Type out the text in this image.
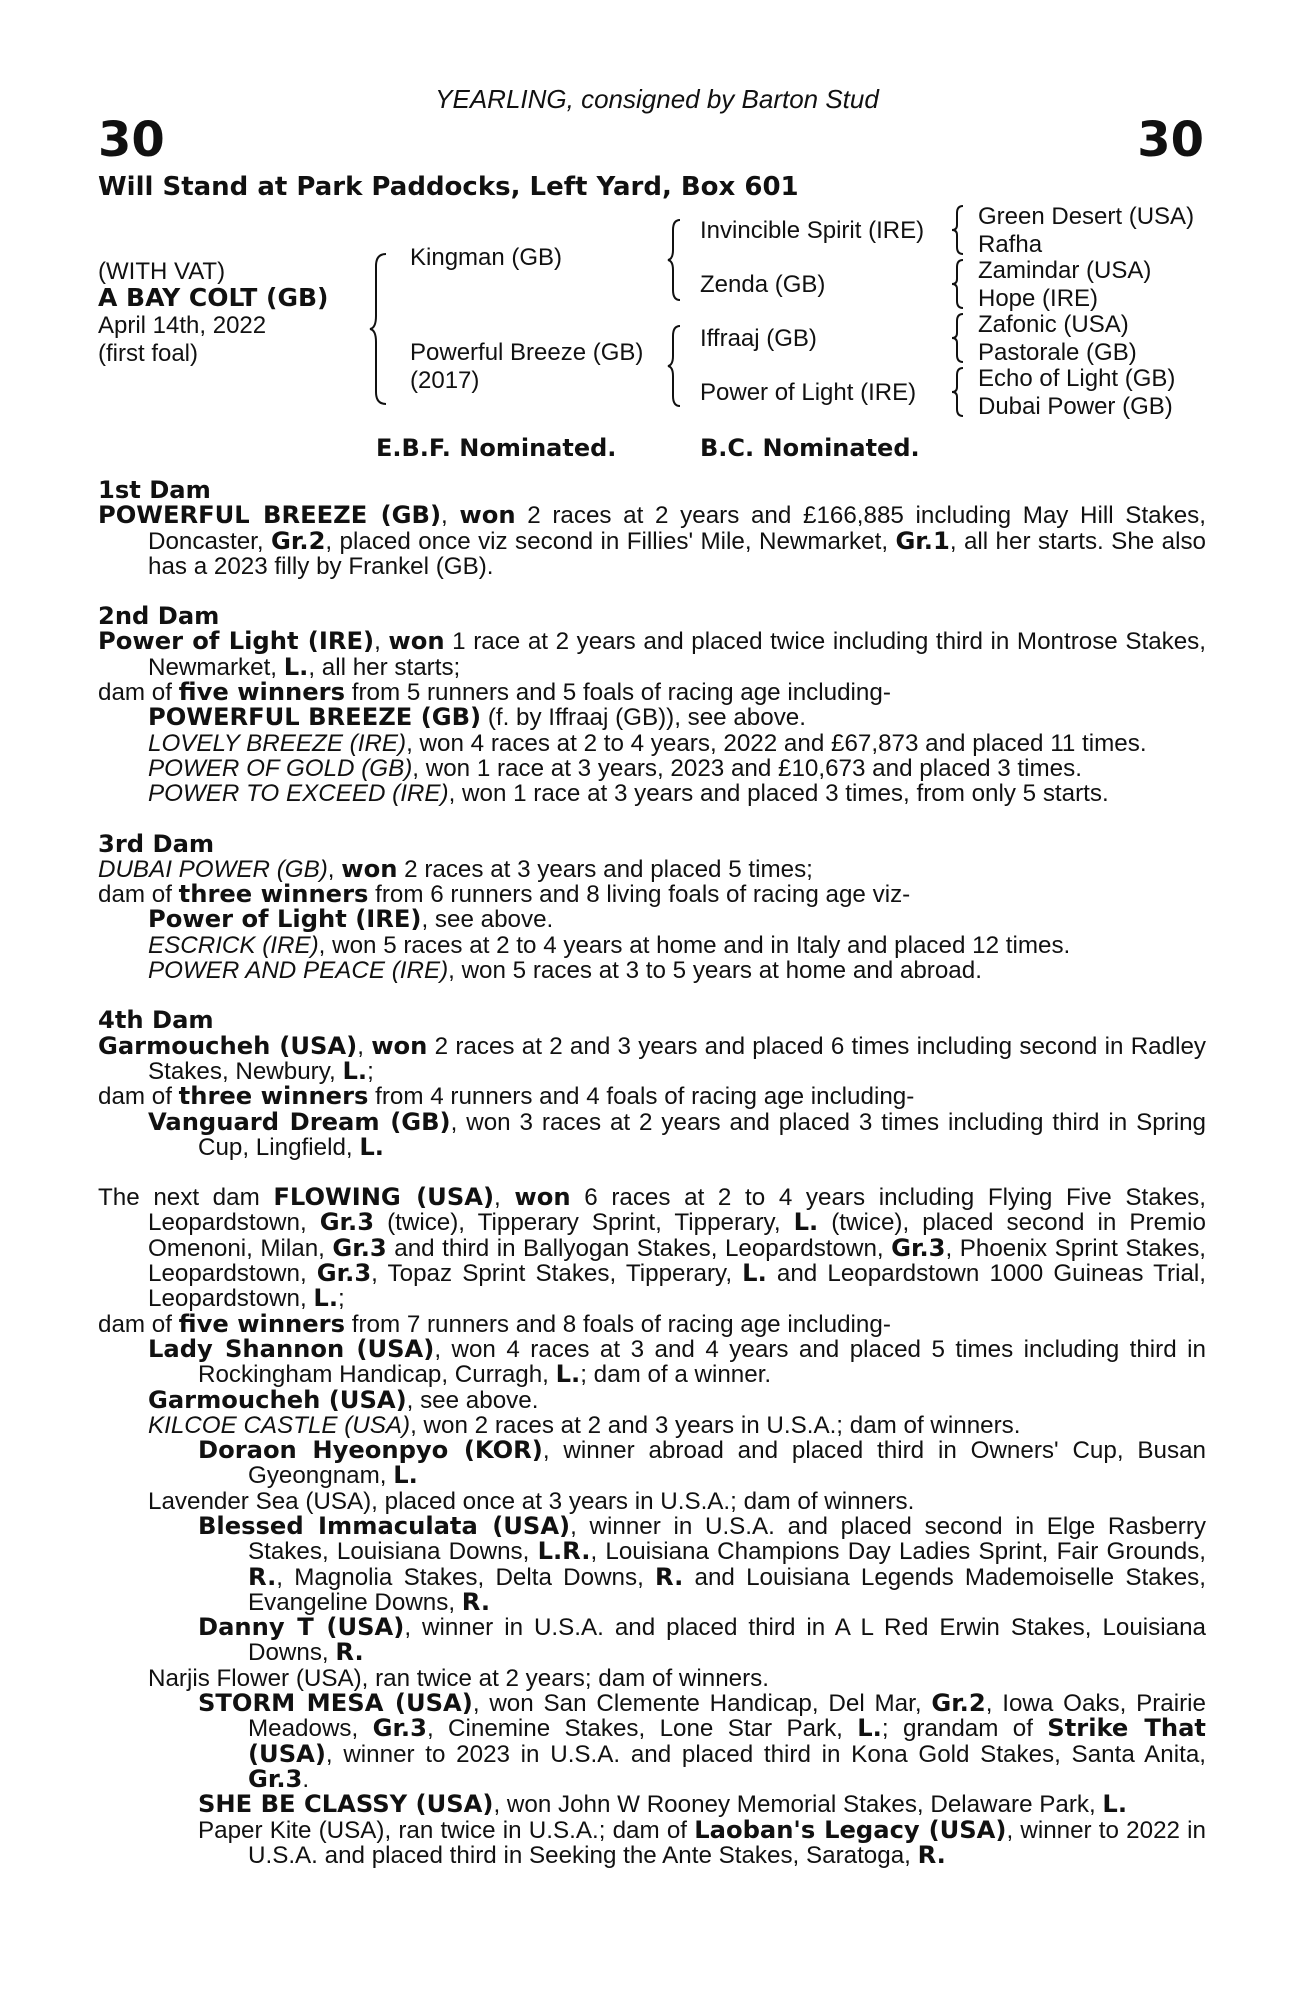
YEARLING, consigned by Barton Stud
30	30
Will Stand at Park Paddocks, Left Yard, Box 601
(WITH VAT)
A BAY COLT (GB)
April 14th, 2022
(first foal)
Kingman (GB)
Powerful Breeze (GB)
(2017)
Invincible Spirit (IRE)
Zenda (GB)
Iffraaj (GB)
Power of Light (IRE)
Green Desert (USA)
Rafha
Zamindar (USA)
Hope (IRE)
Zafonic (USA)
Pastorale (GB)
Echo of Light (GB)
Dubai Power (GB)
E.B.F. Nominated.	B.C. Nominated.
1st Dam
POWERFUL BREEZE (GB), won 2 races at 2 years and £166,885 including May Hill Stakes, Doncaster, Gr.2, placed once viz second in Fillies' Mile, Newmarket, Gr.1, all her starts. She also has a 2023 filly by Frankel (GB).
2nd Dam
Power of Light (IRE), won 1 race at 2 years and placed twice including third in Montrose Stakes, Newmarket, L., all her starts;
dam of five winners from 5 runners and 5 foals of racing age including-
POWERFUL BREEZE (GB) (f. by Iffraaj (GB)), see above.
LOVELY BREEZE (IRE), won 4 races at 2 to 4 years, 2022 and £67,873 and placed 11 times.
POWER OF GOLD (GB), won 1 race at 3 years, 2023 and £10,673 and placed 3 times.
POWER TO EXCEED (IRE), won 1 race at 3 years and placed 3 times, from only 5 starts.
3rd Dam
DUBAI POWER (GB), won 2 races at 3 years and placed 5 times;
dam of three winners from 6 runners and 8 living foals of racing age viz-
Power of Light (IRE), see above.
ESCRICK (IRE), won 5 races at 2 to 4 years at home and in Italy and placed 12 times.
POWER AND PEACE (IRE), won 5 races at 3 to 5 years at home and abroad.
4th Dam
Garmoucheh (USA), won 2 races at 2 and 3 years and placed 6 times including second in Radley Stakes, Newbury, L.;
dam of three winners from 4 runners and 4 foals of racing age including-
Vanguard Dream (GB), won 3 races at 2 years and placed 3 times including third in Spring Cup, Lingfield, L.
The next dam FLOWING (USA), won 6 races at 2 to 4 years including Flying Five Stakes, Leopardstown, Gr.3 (twice), Tipperary Sprint, Tipperary, L. (twice), placed second in Premio Omenoni, Milan, Gr.3 and third in Ballyogan Stakes, Leopardstown, Gr.3, Phoenix Sprint Stakes, Leopardstown, Gr.3, Topaz Sprint Stakes, Tipperary, L. and Leopardstown 1000 Guineas Trial, Leopardstown, L.;
dam of five winners from 7 runners and 8 foals of racing age including-
Lady Shannon (USA), won 4 races at 3 and 4 years and placed 5 times including third in Rockingham Handicap, Curragh, L.; dam of a winner.
Garmoucheh (USA), see above.
KILCOE CASTLE (USA), won 2 races at 2 and 3 years in U.S.A.; dam of winners.
Doraon Hyeonpyo (KOR), winner abroad and placed third in Owners' Cup, Busan Gyeongnam, L.
Lavender Sea (USA), placed once at 3 years in U.S.A.; dam of winners.
Blessed Immaculata (USA), winner in U.S.A. and placed second in Elge Rasberry Stakes, Louisiana Downs, L.R., Louisiana Champions Day Ladies Sprint, Fair Grounds, R., Magnolia Stakes, Delta Downs, R. and Louisiana Legends Mademoiselle Stakes, Evangeline Downs, R.
Danny T (USA), winner in U.S.A. and placed third in A L Red Erwin Stakes, Louisiana Downs, R.
Narjis Flower (USA), ran twice at 2 years; dam of winners.
STORM MESA (USA), won San Clemente Handicap, Del Mar, Gr.2, Iowa Oaks, Prairie Meadows, Gr.3, Cinemine Stakes, Lone Star Park, L.; grandam of Strike That (USA), winner to 2023 in U.S.A. and placed third in Kona Gold Stakes, Santa Anita, Gr.3.
SHE BE CLASSY (USA), won John W Rooney Memorial Stakes, Delaware Park, L.
Paper Kite (USA), ran twice in U.S.A.; dam of Laoban's Legacy (USA), winner to 2022 in U.S.A. and placed third in Seeking the Ante Stakes, Saratoga, R.
